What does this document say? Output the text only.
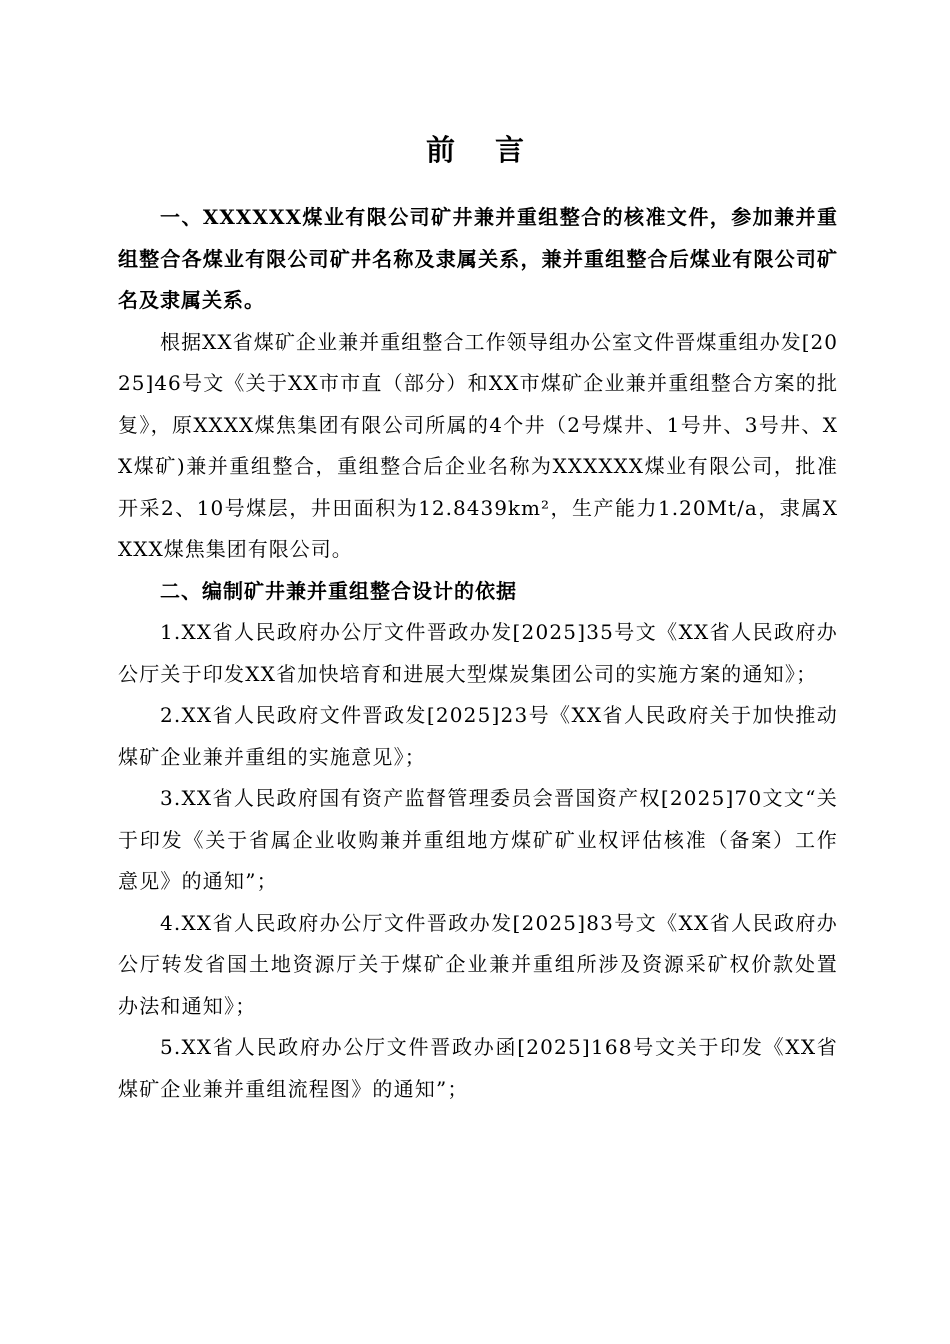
前言

一、XXXXXX煤业有限公司矿井兼并重组整合的核准文件，参加兼并重组整合各煤业有限公司矿井名称及隶属关系，兼并重组整合后煤业有限公司矿名及隶属关系。

根据XX省煤矿企业兼并重组整合工作领导组办公室文件晋煤重组办发[2025]46号文《关于XX市市直（部分）和XX市煤矿企业兼并重组整合方案的批复》，原XXXX煤焦集团有限公司所属的4个井（2号煤井、1号井、3号井、XX煤矿)兼并重组整合，重组整合后企业名称为XXXXXX煤业有限公司，批准开采2、10号煤层，井田面积为12.8439km²，生产能力1.20Mt/a，隶属XXXX煤焦集团有限公司。

二、编制矿井兼并重组整合设计的依据

1.XX省人民政府办公厅文件晋政办发[2025]35号文《XX省人民政府办公厅关于印发XX省加快培育和进展大型煤炭集团公司的实施方案的通知》；

2.XX省人民政府文件晋政发[2025]23号《XX省人民政府关于加快推动煤矿企业兼并重组的实施意见》；

3.XX省人民政府国有资产监督管理委员会晋国资产权[2025]70文文“关于印发《关于省属企业收购兼并重组地方煤矿矿业权评估核准（备案）工作意见》的通知”；

4.XX省人民政府办公厅文件晋政办发[2025]83号文《XX省人民政府办公厅转发省国土地资源厅关于煤矿企业兼并重组所涉及资源采矿权价款处置办法和通知》；

5.XX省人民政府办公厅文件晋政办函[2025]168号文关于印发《XX省煤矿企业兼并重组流程图》的通知”；
